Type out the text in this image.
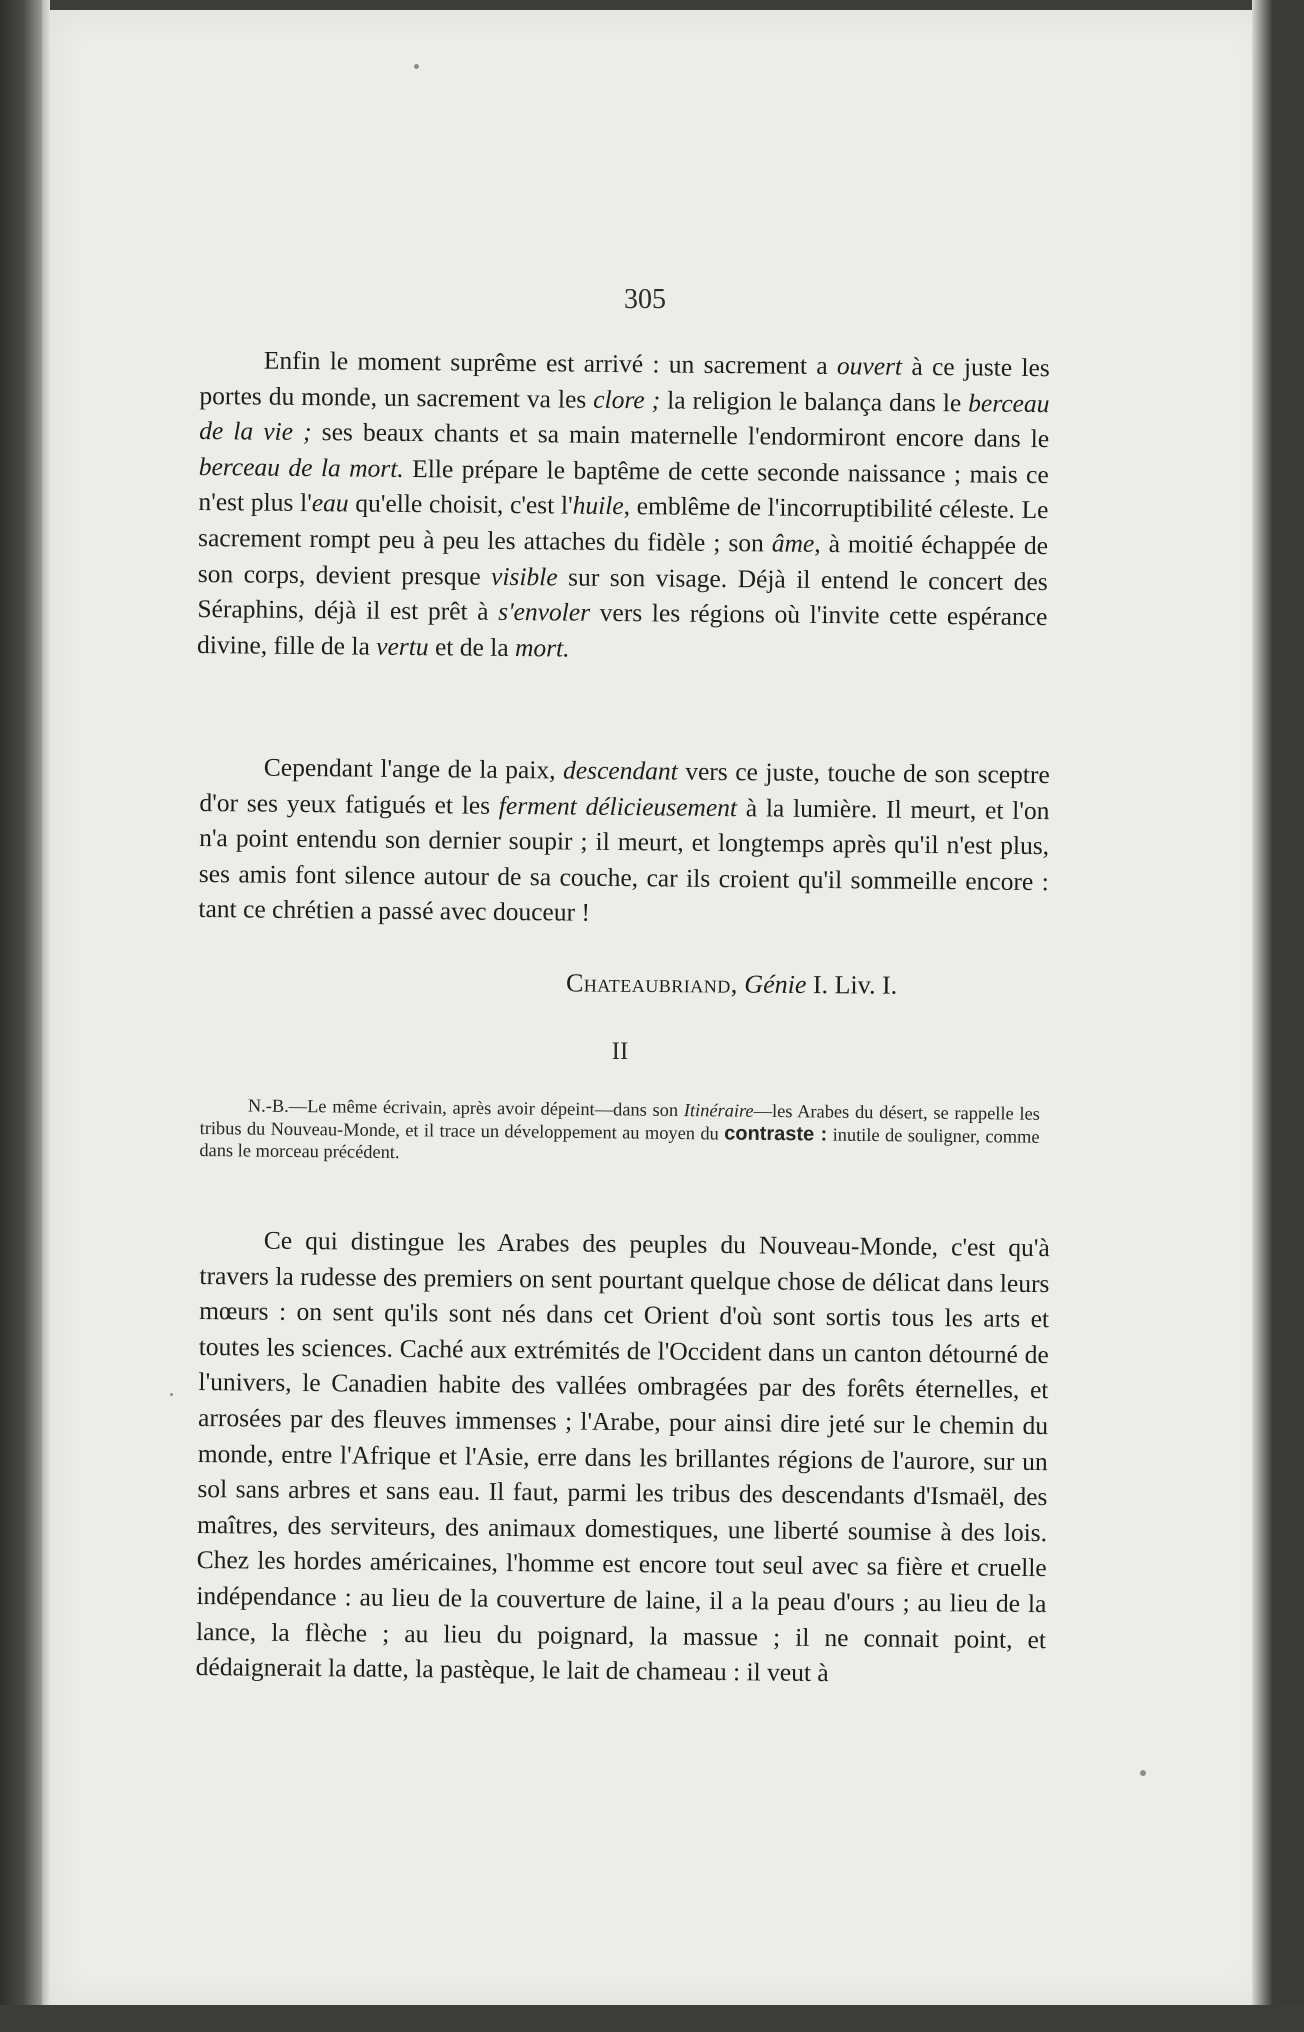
305

Enfin le moment suprême est arrivé : un sacrement a ouvert à ce juste les portes du monde, un sacrement va les clore ; la religion le balança dans le berceau de la vie ; ses beaux chants et sa main maternelle l'endormiront encore dans le berceau de la mort. Elle prépare le baptême de cette seconde naissance ; mais ce n'est plus l'eau qu'elle choisit, c'est l'huile, emblême de l'incorruptibilité céleste. Le sacrement rompt peu à peu les attaches du fidèle ; son âme, à moitié échappée de son corps, devient presque visible sur son visage. Déjà il entend le concert des Séraphins, déjà il est prêt à s'envoler vers les régions où l'invite cette espérance divine, fille de la vertu et de la mort.

Cependant l'ange de la paix, descendant vers ce juste, touche de son sceptre d'or ses yeux fatigués et les ferment délicieusement à la lumière. Il meurt, et l'on n'a point entendu son dernier soupir ; il meurt, et longtemps après qu'il n'est plus, ses amis font silence autour de sa couche, car ils croient qu'il sommeille encore : tant ce chrétien a passé avec douceur !

Chateaubriand, Génie I. Liv. I.
II

N.-B.—Le même écrivain, après avoir dépeint—dans son Itinéraire—les Arabes du désert, se rappelle les tribus du Nouveau-Monde, et il trace un développement au moyen du contraste : inutile de souligner, comme dans le morceau précédent.

Ce qui distingue les Arabes des peuples du Nouveau-Monde, c'est qu'à travers la rudesse des premiers on sent pourtant quelque chose de délicat dans leurs mœurs : on sent qu'ils sont nés dans cet Orient d'où sont sortis tous les arts et toutes les sciences. Caché aux extrémités de l'Occident dans un canton détourné de l'univers, le Canadien habite des vallées ombragées par des forêts éternelles, et arrosées par des fleuves immenses ; l'Arabe, pour ainsi dire jeté sur le chemin du monde, entre l'Afrique et l'Asie, erre dans les brillantes régions de l'aurore, sur un sol sans arbres et sans eau. Il faut, parmi les tribus des descendants d'Ismaël, des maîtres, des serviteurs, des animaux domestiques, une liberté soumise à des lois. Chez les hordes américaines, l'homme est encore tout seul avec sa fière et cruelle indépendance : au lieu de la couverture de laine, il a la peau d'ours ; au lieu de la lance, la flèche ; au lieu du poignard, la massue ; il ne connait point, et dédaignerait la datte, la pastèque, le lait de chameau : il veut à
